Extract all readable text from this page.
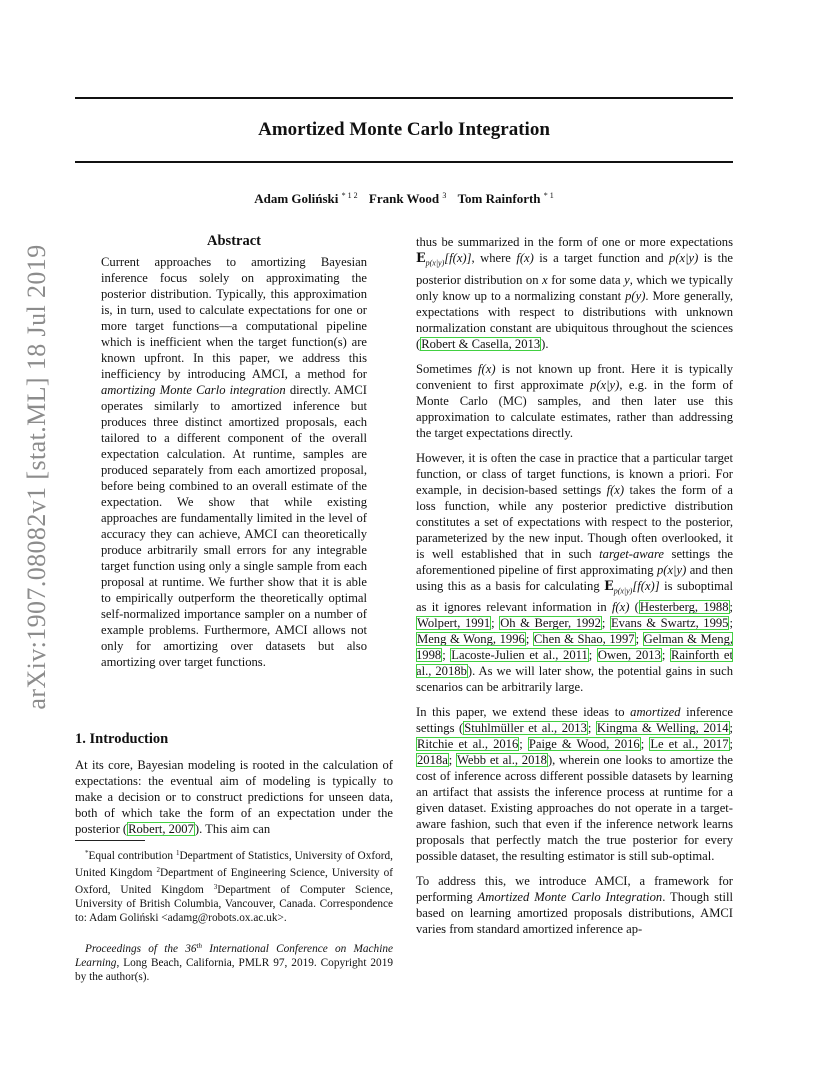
Amortized Monte Carlo Integration
Adam Goliński $^{* 1 2}$ Frank Wood $^3$ Tom Rainforth $^{* 1}$
arXiv:1907.08082v1 [stat.ML] 18 Jul 2019
Abstract

Current approaches to amortizing Bayesian inference focus solely on approximating the posterior distribution. Typically, this approximation is, in turn, used to calculate expectations for one or more target functions—a computational pipeline which is inefficient when the target function(s) are known upfront. In this paper, we address this inefficiency by introducing AMCI, a method for amortizing Monte Carlo integration directly. AMCI operates similarly to amortized inference but produces three distinct amortized proposals, each tailored to a different component of the overall expectation calculation. At runtime, samples are produced separately from each amortized proposal, before being combined to an overall estimate of the expectation. We show that while existing approaches are fundamentally limited in the level of accuracy they can achieve, AMCI can theoretically produce arbitrarily small errors for any integrable target function using only a single sample from each proposal at runtime. We further show that it is able to empirically outperform the theoretically optimal self-normalized importance sampler on a number of example problems. Furthermore, AMCI allows not only for amortizing over datasets but also amortizing over target functions.

1. Introduction

At its core, Bayesian modeling is rooted in the calculation of expectations: the eventual aim of modeling is typically to make a decision or to construct predictions for unseen data, both of which take the form of an expectation under the posterior (Robert, 2007). This aim can

*Equal contribution $^1$Department of Statistics, University of Oxford, United Kingdom $^2$Department of Engineering Science, University of Oxford, United Kingdom $^3$Department of Computer Science, University of British Columbia, Vancouver, Canada. Correspondence to: Adam Goliński <adamg@robots.ox.ac.uk>.

Proceedings of the 36th International Conference on Machine Learning, Long Beach, California, PMLR 97, 2019. Copyright 2019 by the author(s).

thus be summarized in the form of one or more expectations $E_{p(x|y)}[f(x)]$, where f(x) is a target function and p(x|y) is the posterior distribution on x for some data y, which we typically only know up to a normalizing constant p(y). More generally, expectations with respect to distributions with unknown normalization constant are ubiquitous throughout the sciences (Robert & Casella, 2013).

Sometimes f(x) is not known up front. Here it is typically convenient to first approximate p(x|y), e.g. in the form of Monte Carlo (MC) samples, and then later use this approximation to calculate estimates, rather than addressing the target expectations directly.

However, it is often the case in practice that a particular target function, or class of target functions, is known a priori. For example, in decision-based settings f(x) takes the form of a loss function, while any posterior predictive distribution constitutes a set of expectations with respect to the posterior, parameterized by the new input. Though often overlooked, it is well established that in such target-aware settings the aforementioned pipeline of first approximating p(x|y) and then using this as a basis for calculating $E_{p(x|y)}[f(x)]$ is suboptimal as it ignores relevant information in f(x) (Hesterberg, 1988; Wolpert, 1991; Oh & Berger, 1992; Evans & Swartz, 1995; Meng & Wong, 1996; Chen & Shao, 1997; Gelman & Meng, 1998; Lacoste-Julien et al., 2011; Owen, 2013; Rainforth et al., 2018b). As we will later show, the potential gains in such scenarios can be arbitrarily large.

In this paper, we extend these ideas to amortized inference settings (Stuhlmüller et al., 2013; Kingma & Welling, 2014; Ritchie et al., 2016; Paige & Wood, 2016; Le et al., 2017; 2018a; Webb et al., 2018), wherein one looks to amortize the cost of inference across different possible datasets by learning an artifact that assists the inference process at runtime for a given dataset. Existing approaches do not operate in a target-aware fashion, such that even if the inference network learns proposals that perfectly match the true posterior for every possible dataset, the resulting estimator is still sub-optimal.

To address this, we introduce AMCI, a framework for performing Amortized Monte Carlo Integration. Though still based on learning amortized proposals distributions, AMCI varies from standard amortized inference ap-
